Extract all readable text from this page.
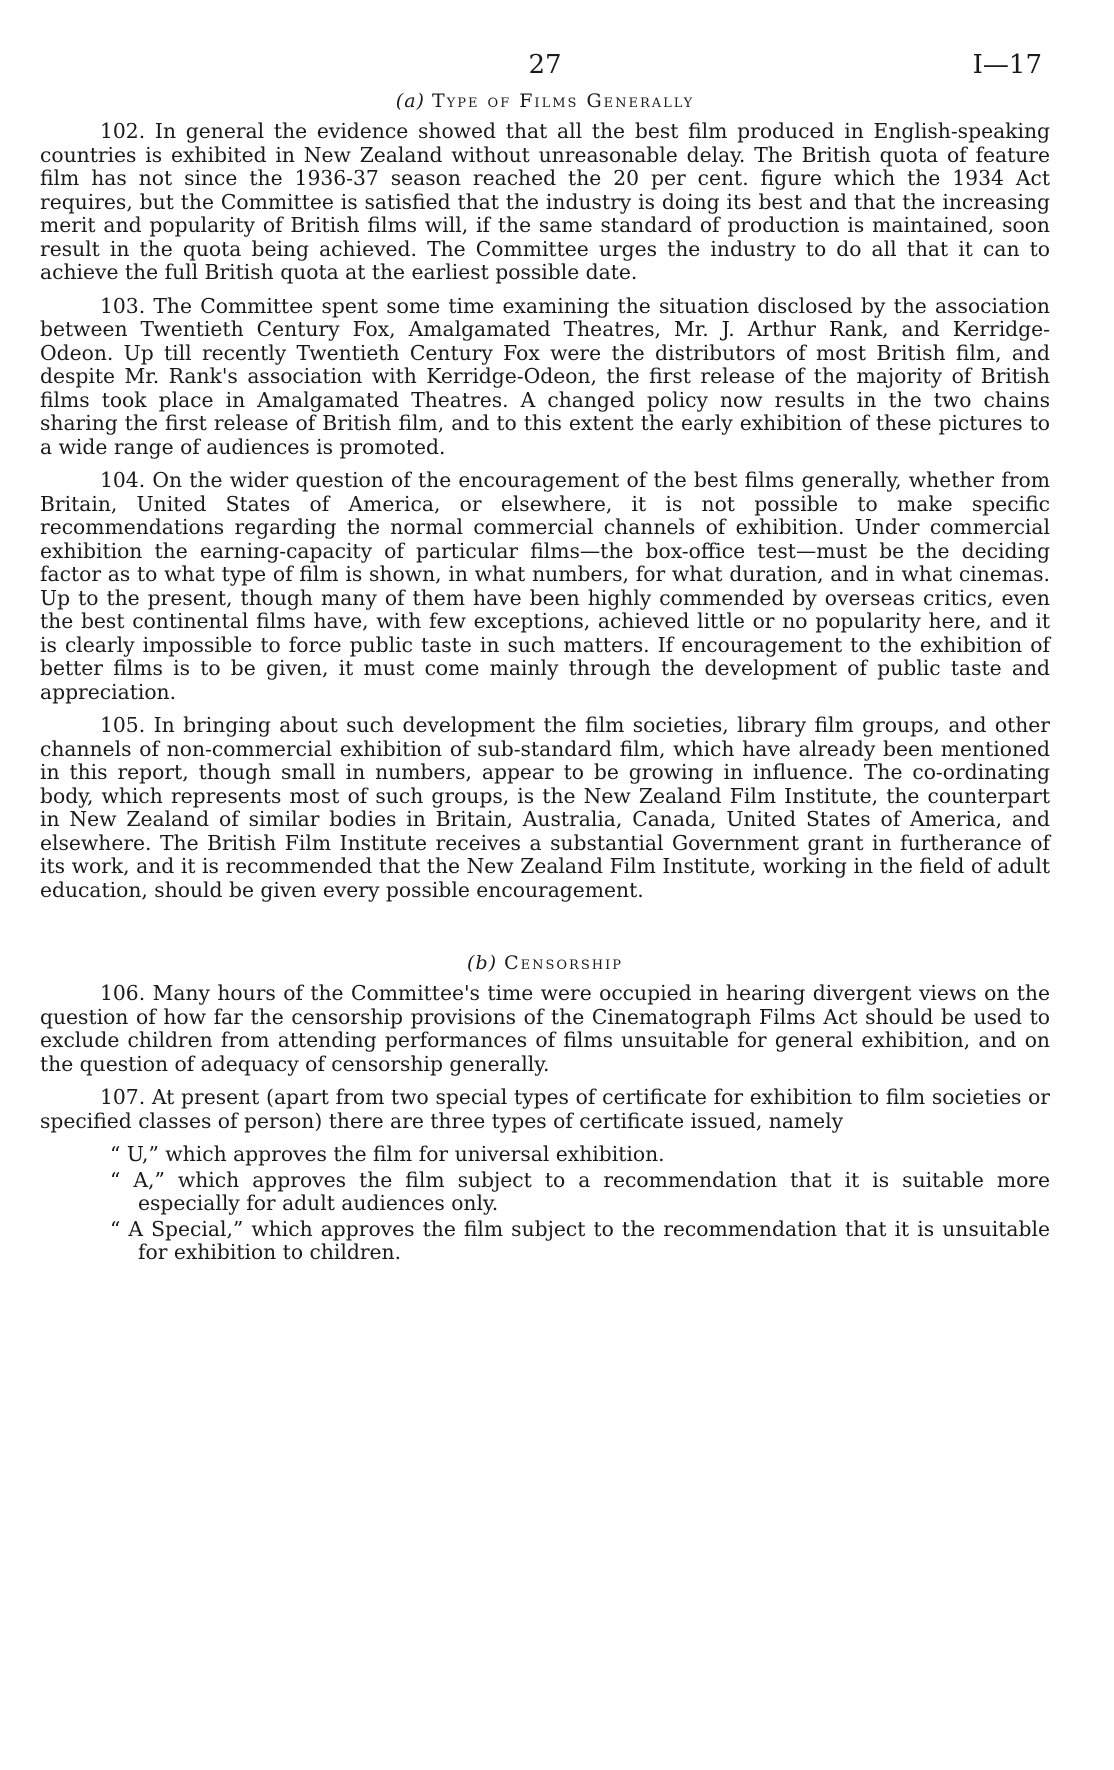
27	I—17
(a) Type of Films Generally

102. In general the evidence showed that all the best film produced in English-speaking countries is exhibited in New Zealand without unreasonable delay. The British quota of feature film has not since the 1936-37 season reached the 20 per cent. figure which the 1934 Act requires, but the Committee is satisfied that the industry is doing its best and that the increasing merit and popularity of British films will, if the same standard of production is maintained, soon result in the quota being achieved. The Committee urges the industry to do all that it can to achieve the full British quota at the earliest possible date.

103. The Committee spent some time examining the situation disclosed by the association between Twentieth Century Fox, Amalgamated Theatres, Mr. J. Arthur Rank, and Kerridge-Odeon. Up till recently Twentieth Century Fox were the distributors of most British film, and despite Mr. Rank's association with Kerridge-Odeon, the first release of the majority of British films took place in Amalgamated Theatres. A changed policy now results in the two chains sharing the first release of British film, and to this extent the early exhibition of these pictures to a wide range of audiences is promoted.

104. On the wider question of the encouragement of the best films generally, whether from Britain, United States of America, or elsewhere, it is not possible to make specific recommendations regarding the normal commercial channels of exhibition. Under commercial exhibition the earning-capacity of particular films—the box-office test—must be the deciding factor as to what type of film is shown, in what numbers, for what duration, and in what cinemas. Up to the present, though many of them have been highly commended by overseas critics, even the best continental films have, with few exceptions, achieved little or no popularity here, and it is clearly impossible to force public taste in such matters. If encouragement to the exhibition of better films is to be given, it must come mainly through the development of public taste and appreciation.

105. In bringing about such development the film societies, library film groups, and other channels of non-commercial exhibition of sub-standard film, which have already been mentioned in this report, though small in numbers, appear to be growing in influence. The co-ordinating body, which represents most of such groups, is the New Zealand Film Institute, the counterpart in New Zealand of similar bodies in Britain, Australia, Canada, United States of America, and elsewhere. The British Film Institute receives a substantial Government grant in furtherance of its work, and it is recommended that the New Zealand Film Institute, working in the field of adult education, should be given every possible encouragement.

(b) Censorship

106. Many hours of the Committee's time were occupied in hearing divergent views on the question of how far the censorship provisions of the Cinematograph Films Act should be used to exclude children from attending performances of films unsuitable for general exhibition, and on the question of adequacy of censorship generally.

107. At present (apart from two special types of certificate for exhibition to film societies or specified classes of person) there are three types of certificate issued, namely

“ U,” which approves the film for universal exhibition.
“ A,” which approves the film subject to a recommendation that it is suitable more especially for adult audiences only.
“ A Special,” which approves the film subject to the recommendation that it is unsuitable for exhibition to children.
